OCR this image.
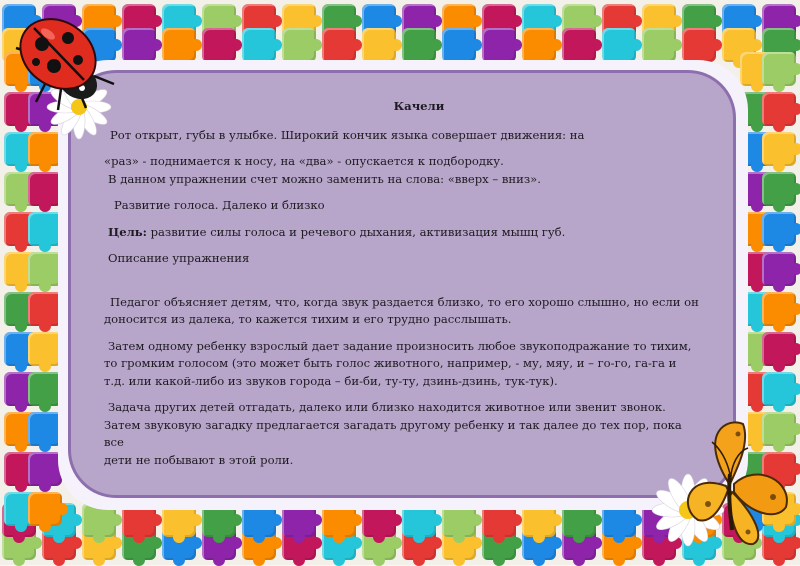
Качели

Рот открыт, губы в улыбке. Широкий кончик языка совершает движения: на

«раз» - поднимается к носу, на «два» - опускается к подбородку.

В данном упражнении счет можно заменить на слова: «вверх – вниз».

Развитие голоса. Далеко и близко

Цель: развитие силы голоса и речевого дыхания, активизация мышц губ.

Описание упражнения

Педагог объясняет детям, что, когда звук раздается близко, то его хорошо слышно, но если он

доносится из далека, то кажется тихим и его трудно расслышать.

Затем одному ребенку взрослый дает задание произносить любое звукоподражание то тихим,

то громким голосом (это может быть голос животного, например, - му, мяу, и – го-го, га-га и

т.д. или какой-либо из звуков города – би-би, ту-ту, дзинь-дзинь, тук-тук).

Задача других детей отгадать, далеко или близко находится животное или звенит звонок.

Затем звуковую загадку предлагается загадать другому ребенку и так далее до тех пор, пока все

дети не побывают в этой роли.
